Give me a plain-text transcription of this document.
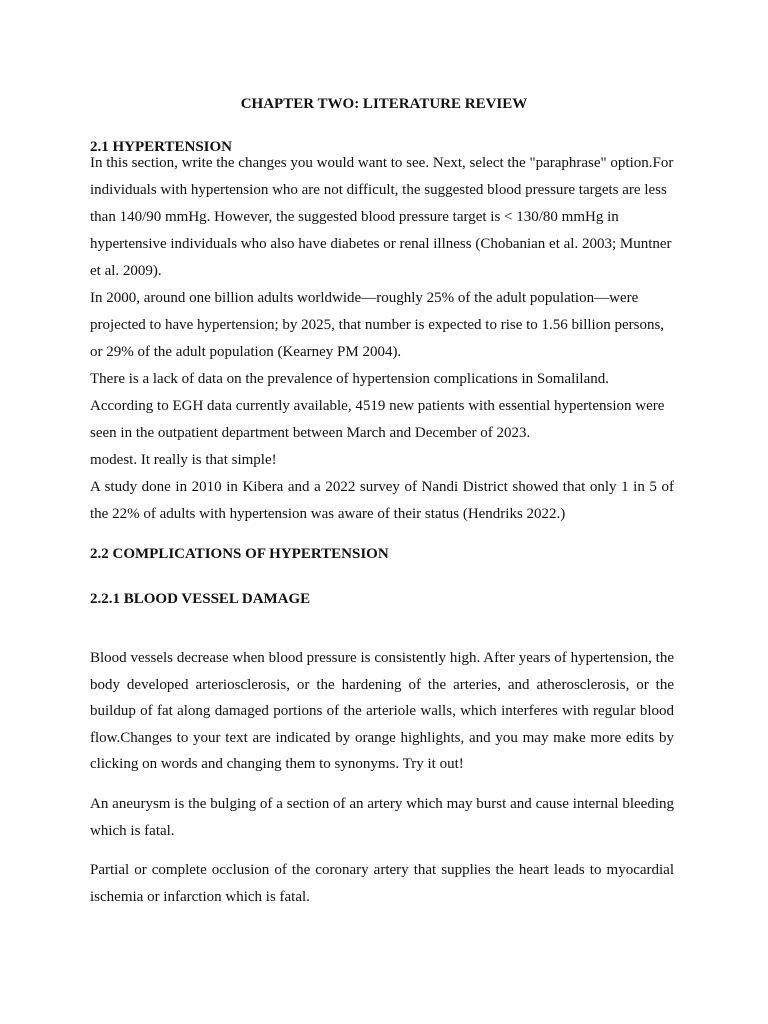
CHAPTER TWO: LITERATURE REVIEW
2.1 HYPERTENSION

In this section, write the changes you would want to see. Next, select the "paraphrase" option.For individuals with hypertension who are not difficult, the suggested blood pressure targets are less than 140/90 mmHg. However, the suggested blood pressure target is < 130/80 mmHg in hypertensive individuals who also have diabetes or renal illness (Chobanian et al. 2003; Muntner et al. 2009).

In 2000, around one billion adults worldwide—roughly 25% of the adult population—were projected to have hypertension; by 2025, that number is expected to rise to 1.56 billion persons, or 29% of the adult population (Kearney PM 2004).

There is a lack of data on the prevalence of hypertension complications in Somaliland. According to EGH data currently available, 4519 new patients with essential hypertension were seen in the outpatient department between March and December of 2023.

modest. It really is that simple!

A study done in 2010 in Kibera and a 2022 survey of Nandi District showed that only 1 in 5 of the 22% of adults with hypertension was aware of their status (Hendriks 2022.)

2.2 COMPLICATIONS OF HYPERTENSION
2.2.1 BLOOD VESSEL DAMAGE

Blood vessels decrease when blood pressure is consistently high. After years of hypertension, the body developed arteriosclerosis, or the hardening of the arteries, and atherosclerosis, or the buildup of fat along damaged portions of the arteriole walls, which interferes with regular blood flow.Changes to your text are indicated by orange highlights, and you may make more edits by clicking on words and changing them to synonyms. Try it out!

An aneurysm is the bulging of a section of an artery which may burst and cause internal bleeding which is fatal.

Partial or complete occlusion of the coronary artery that supplies the heart leads to myocardial ischemia or infarction which is fatal.
